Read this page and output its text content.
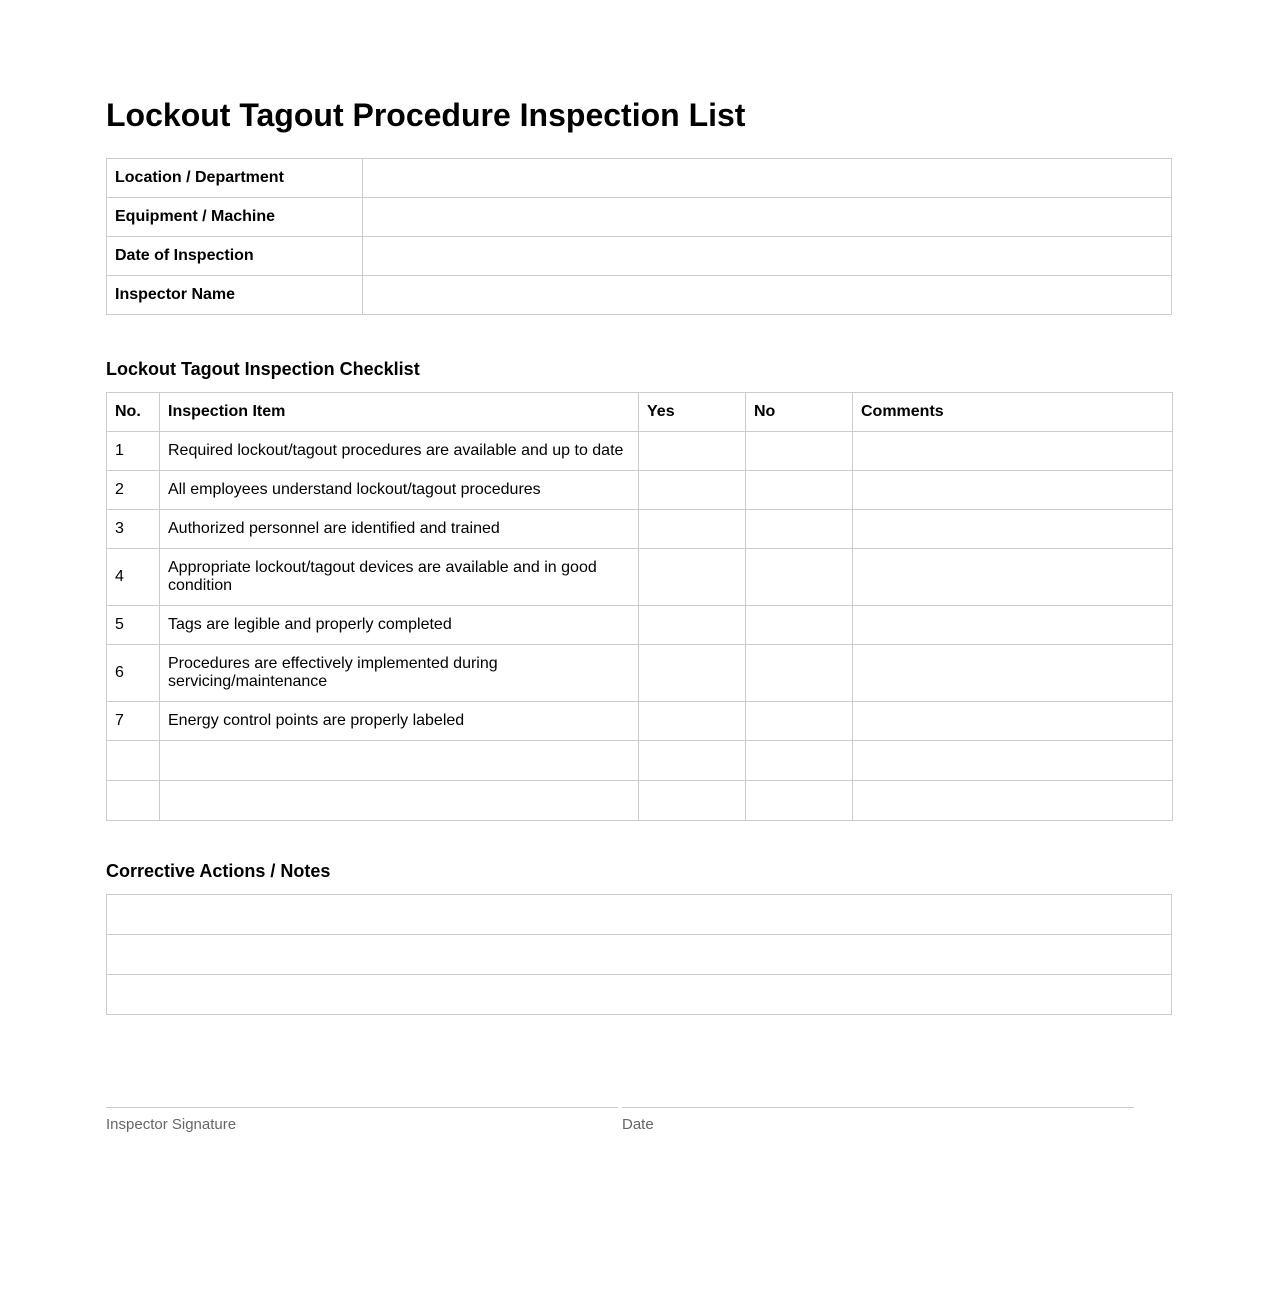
Lockout Tagout Procedure Inspection List
Location / Department	
Equipment / Machine	
Date of Inspection	
Inspector Name	
Lockout Tagout Inspection Checklist
No.	Inspection Item	Yes	No	Comments
1	Required lockout/tagout procedures are available and up to date			
2	All employees understand lockout/tagout procedures			
3	Authorized personnel are identified and trained			
4	Appropriate lockout/tagout devices are available and in good condition			
5	Tags are legible and properly completed			
6	Procedures are effectively implemented during servicing/maintenance			
7	Energy control points are properly labeled			

Corrective Actions / Notes

Inspector Signature	Date
